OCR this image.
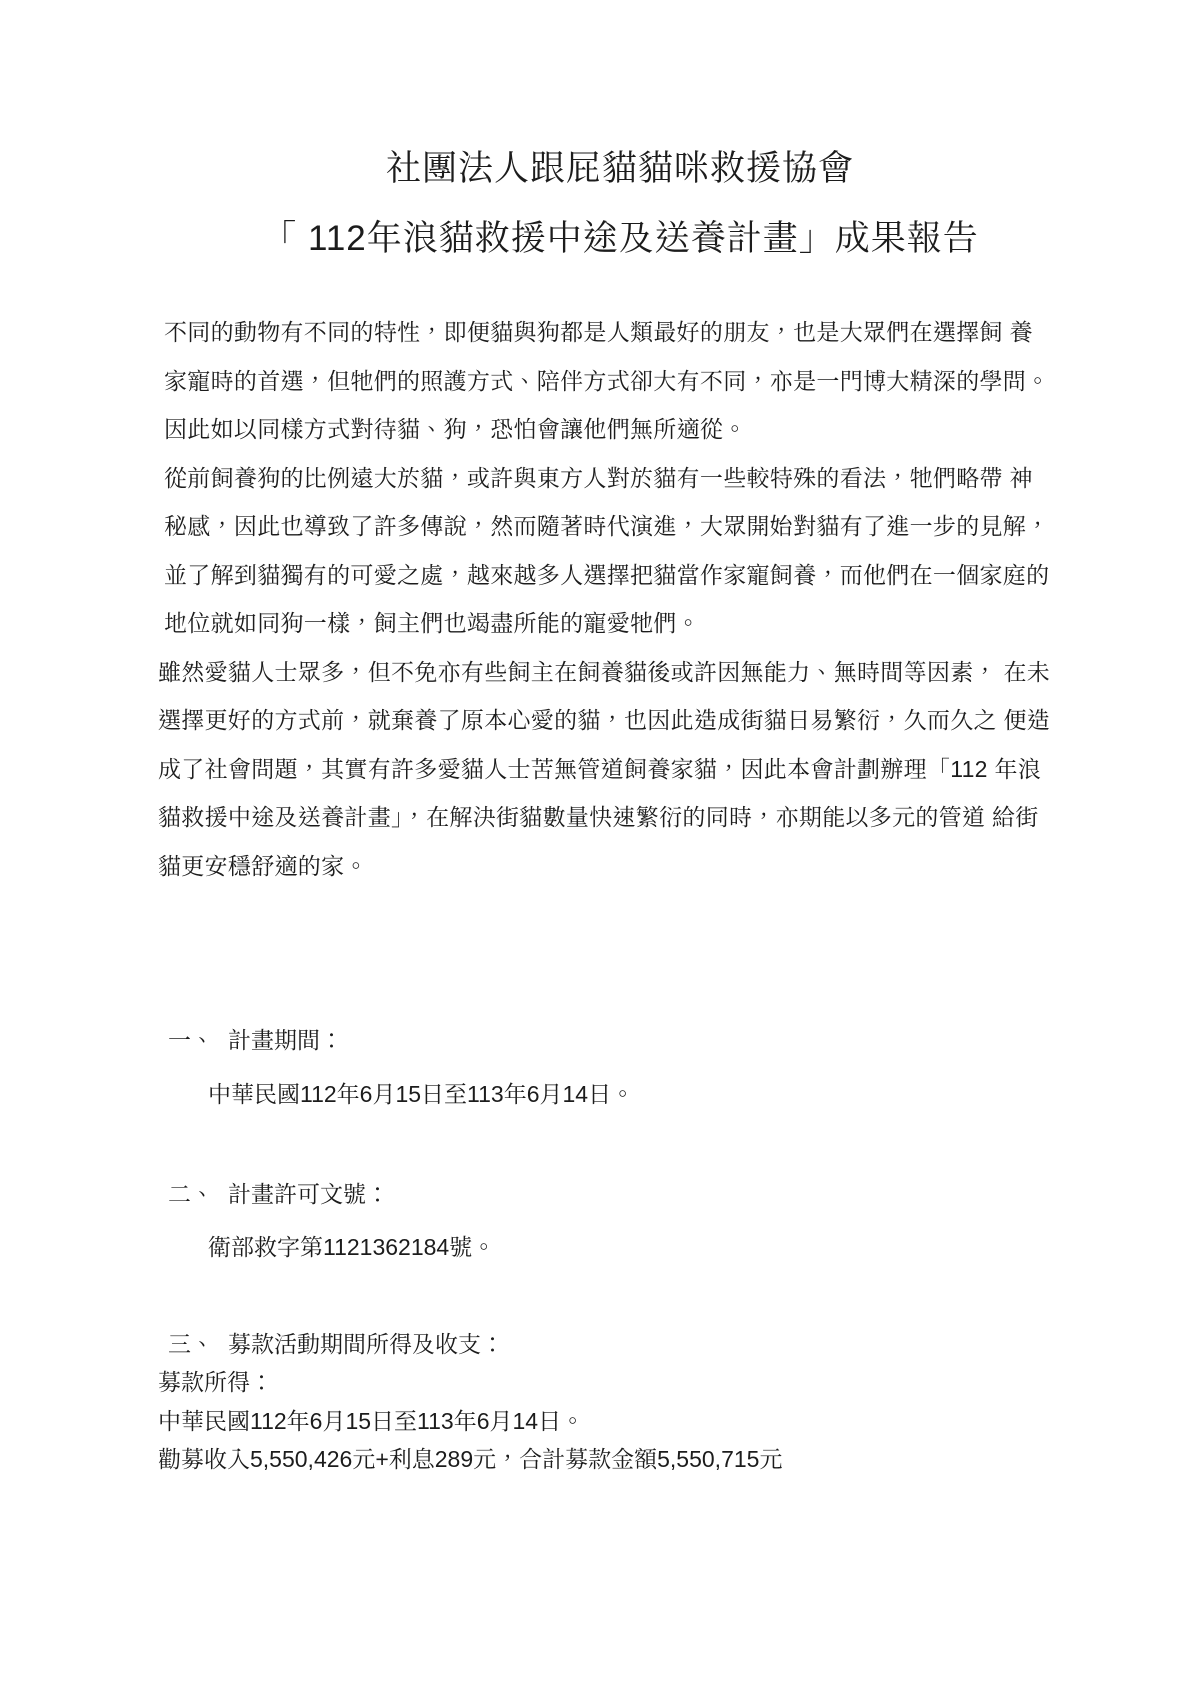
社團法人跟屁貓貓咪救援協會
「 112年浪貓救援中途及送養計畫」成果報告
不同的動物有不同的特性，即便貓與狗都是人類最好的朋友，也是大眾們在選擇飼 養
家寵時的首選，但牠們的照護方式、陪伴方式卻大有不同，亦是一門博大精深的學問。
因此如以同樣方式對待貓、狗，恐怕會讓他們無所適從。
從前飼養狗的比例遠大於貓，或許與東方人對於貓有一些較特殊的看法，牠們略帶 神
秘感，因此也導致了許多傳說，然而隨著時代演進，大眾開始對貓有了進一步的見解，
並了解到貓獨有的可愛之處，越來越多人選擇把貓當作家寵飼養，而他們在一個家庭的
地位就如同狗一樣，飼主們也竭盡所能的寵愛牠們。
雖然愛貓人士眾多，但不免亦有些飼主在飼養貓後或許因無能力、無時間等因素， 在未
選擇更好的方式前，就棄養了原本心愛的貓，也因此造成街貓日易繁衍，久而久之 便造
成了社會問題，其實有許多愛貓人士苦無管道飼養家貓，因此本會計劃辦理「112 年浪
貓救援中途及送養計畫」，在解決街貓數量快速繁衍的同時，亦期能以多元的管道 給街
貓更安穩舒適的家。
一、 計畫期間：
中華民國112年6月15日至113年6月14日。
二、 計畫許可文號：
衛部救字第1121362184號。
三、 募款活動期間所得及收支：
募款所得：
中華民國112年6月15日至113年6月14日。
勸募收入5,550,426元+利息289元，合計募款金額5,550,715元
